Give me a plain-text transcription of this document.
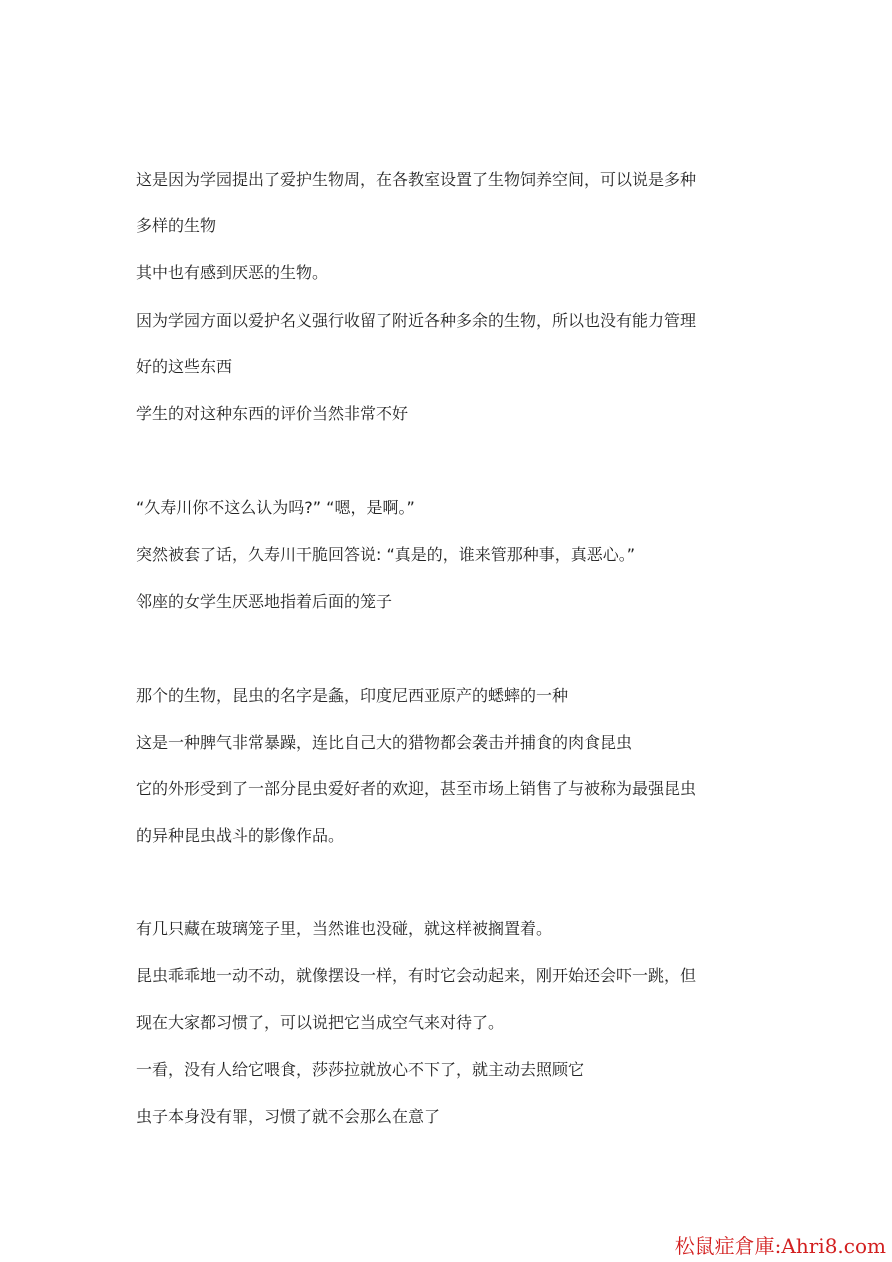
这是因为学园提出了爱护生物周，在各教室设置了生物饲养空间，可以说是多种
多样的生物
其中也有感到厌恶的生物。
因为学园方面以爱护名义强行收留了附近各种多余的生物，所以也没有能力管理
好的这些东西
学生的对这种东西的评价当然非常不好
“久寿川你不这么认为吗?” “嗯，是啊。”
突然被套了话，久寿川干脆回答说: “真是的，谁来管那种事，真恶心。”
邻座的女学生厌恶地指着后面的笼子
那个的生物，昆虫的名字是螽，印度尼西亚原产的蟋蟀的一种
这是一种脾气非常暴躁，连比自己大的猎物都会袭击并捕食的肉食昆虫
它的外形受到了一部分昆虫爱好者的欢迎，甚至市场上销售了与被称为最强昆虫
的异种昆虫战斗的影像作品。
有几只藏在玻璃笼子里，当然谁也没碰，就这样被搁置着。
昆虫乖乖地一动不动，就像摆设一样，有时它会动起来，刚开始还会吓一跳，但
现在大家都习惯了，可以说把它当成空气来对待了。
一看，没有人给它喂食，莎莎拉就放心不下了，就主动去照顾它
虫子本身没有罪，习惯了就不会那么在意了
松鼠症倉庫:Ahri8.com
